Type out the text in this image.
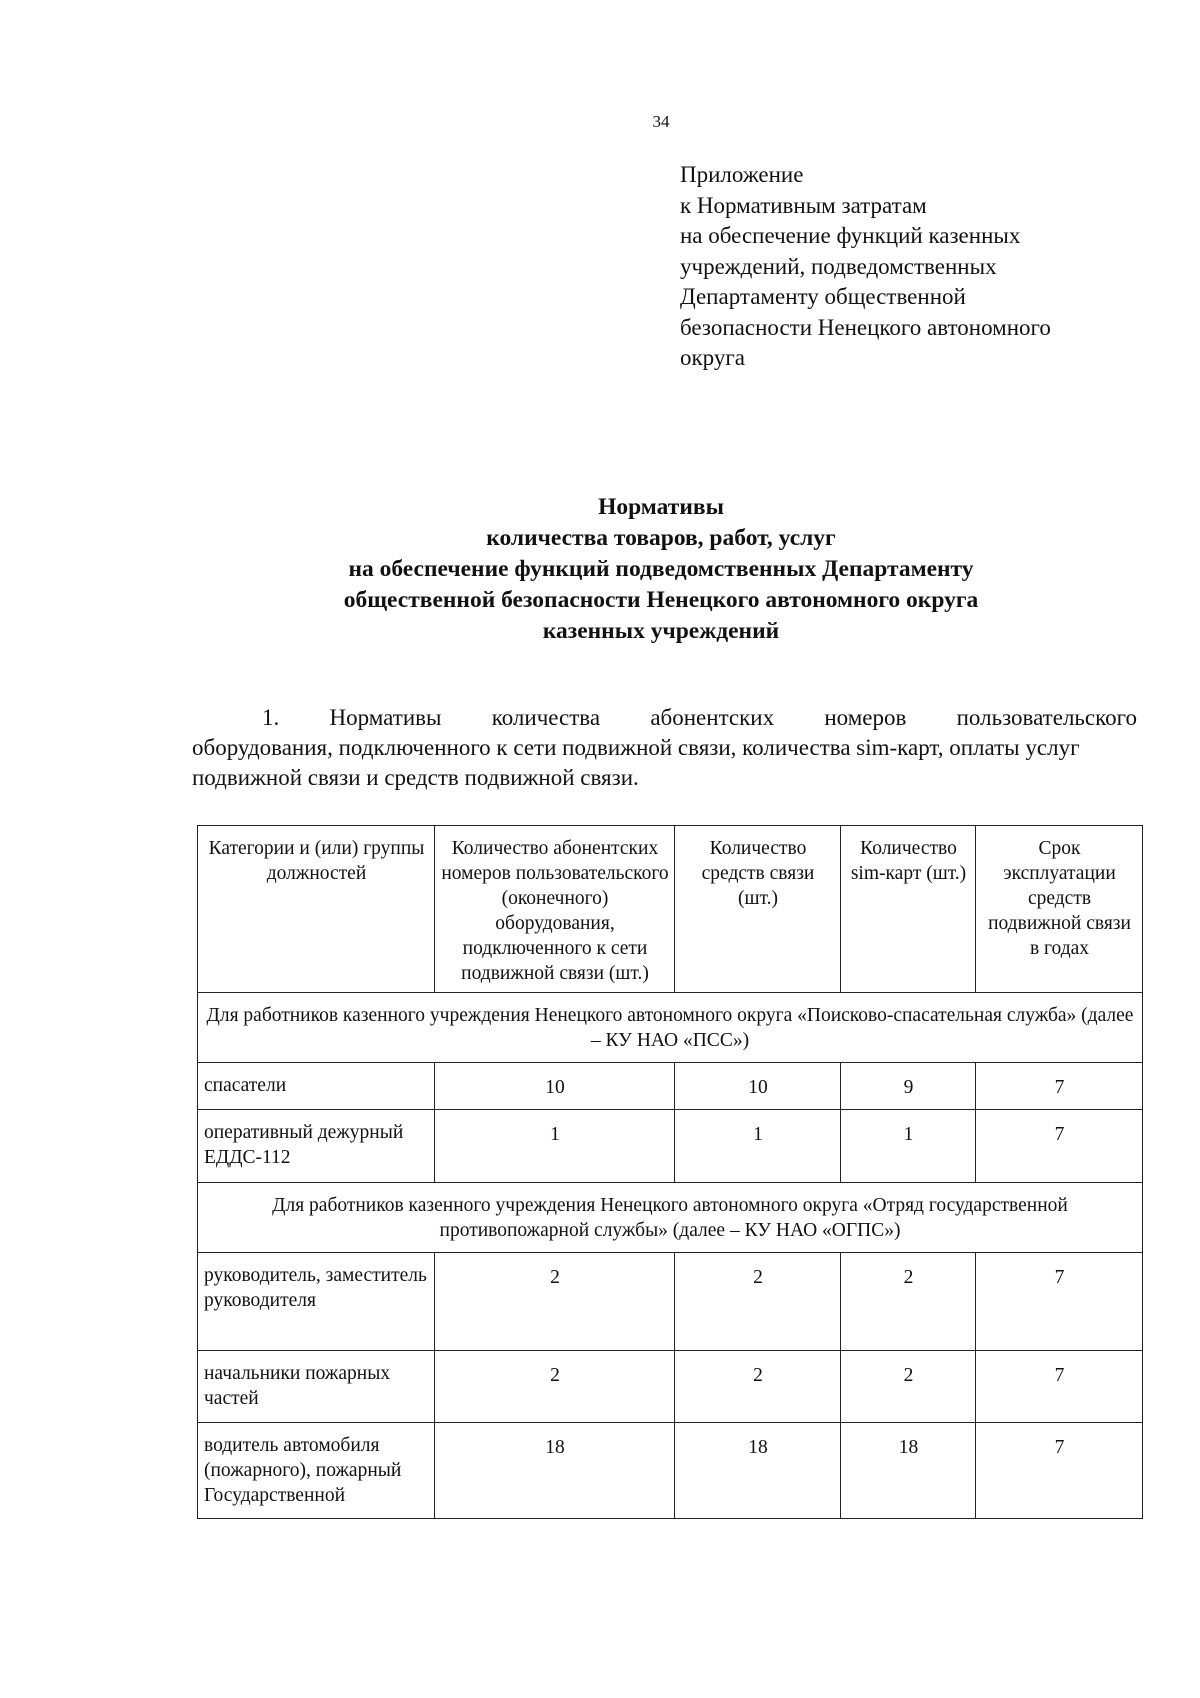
34
Приложение
к Нормативным затратам
на обеспечение функций казенных
учреждений, подведомственных
Департаменту общественной
безопасности Ненецкого автономного
округа
Нормативы
количества товаров, работ, услуг
на обеспечение функций подведомственных Департаменту
общественной безопасности Ненецкого автономного округа
казенных учреждений
1. Нормативы количества абонентских номеров пользовательского
оборудования, подключенного к сети подвижной связи, количества sim-карт, оплаты услуг подвижной связи и средств подвижной связи.
Категории и (или) группы должностей	Количество абонентских номеров пользовательского (оконечного) оборудования, подключенного к сети подвижной связи (шт.)	Количество средств связи (шт.)	Количество sim-карт (шт.)	Срок эксплуатации средств подвижной связи в годах
Для работников казенного учреждения Ненецкого автономного округа «Поисково-спасательная служба» (далее – КУ НАО «ПСС»)				
спасатели	10	10	9	7
оперативный дежурный ЕДДС-112	1	1	1	7
Для работников казенного учреждения Ненецкого автономного округа «Отряд государственной противопожарной службы» (далее – КУ НАО «ОГПС»)				
руководитель, заместитель руководителя	2	2	2	7
начальники пожарных частей	2	2	2	7
водитель автомобиля (пожарного), пожарный Государственной	18	18	18	7
